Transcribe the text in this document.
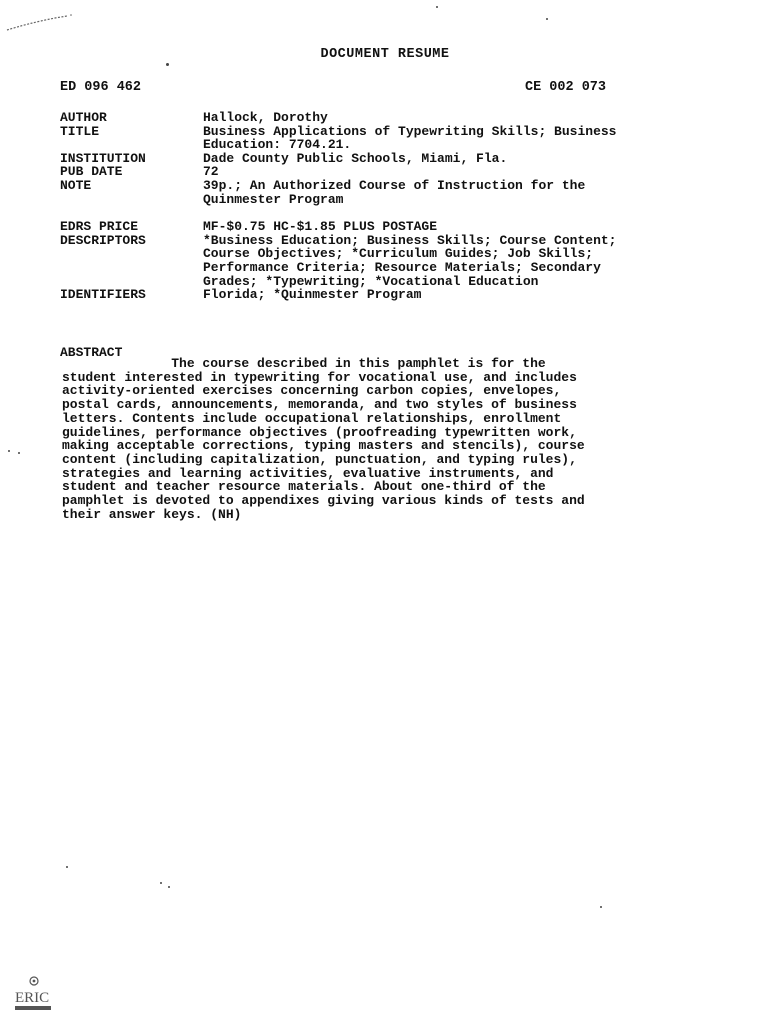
DOCUMENT RESUME
ED 096 462	CE 002 073
AUTHOR	Hallock, Dorothy
TITLE	Business Applications of Typewriting Skills; Business
Education: 7704.21.
INSTITUTION	Dade County Public Schools, Miami, Fla.
PUB DATE	72
NOTE	39p.; An Authorized Course of Instruction for the
Quinmester Program
EDRS PRICE	MF-$0.75 HC-$1.85 PLUS POSTAGE
DESCRIPTORS	*Business Education; Business Skills; Course Content;
Course Objectives; *Curriculum Guides; Job Skills;
Performance Criteria; Resource Materials; Secondary
Grades; *Typewriting; *Vocational Education
IDENTIFIERS	Florida; *Quinmester Program
ABSTRACT
The course described in this pamphlet is for the
student interested in typewriting for vocational use, and includes
activity-oriented exercises concerning carbon copies, envelopes,
postal cards, announcements, memoranda, and two styles of business
letters. Contents include occupational relationships, enrollment
guidelines, performance objectives (proofreading typewritten work,
making acceptable corrections, typing masters and stencils), course
content (including capitalization, punctuation, and typing rules),
strategies and learning activities, evaluative instruments, and
student and teacher resource materials. About one-third of the
pamphlet is devoted to appendixes giving various kinds of tests and
their answer keys. (NH)
ERIC
